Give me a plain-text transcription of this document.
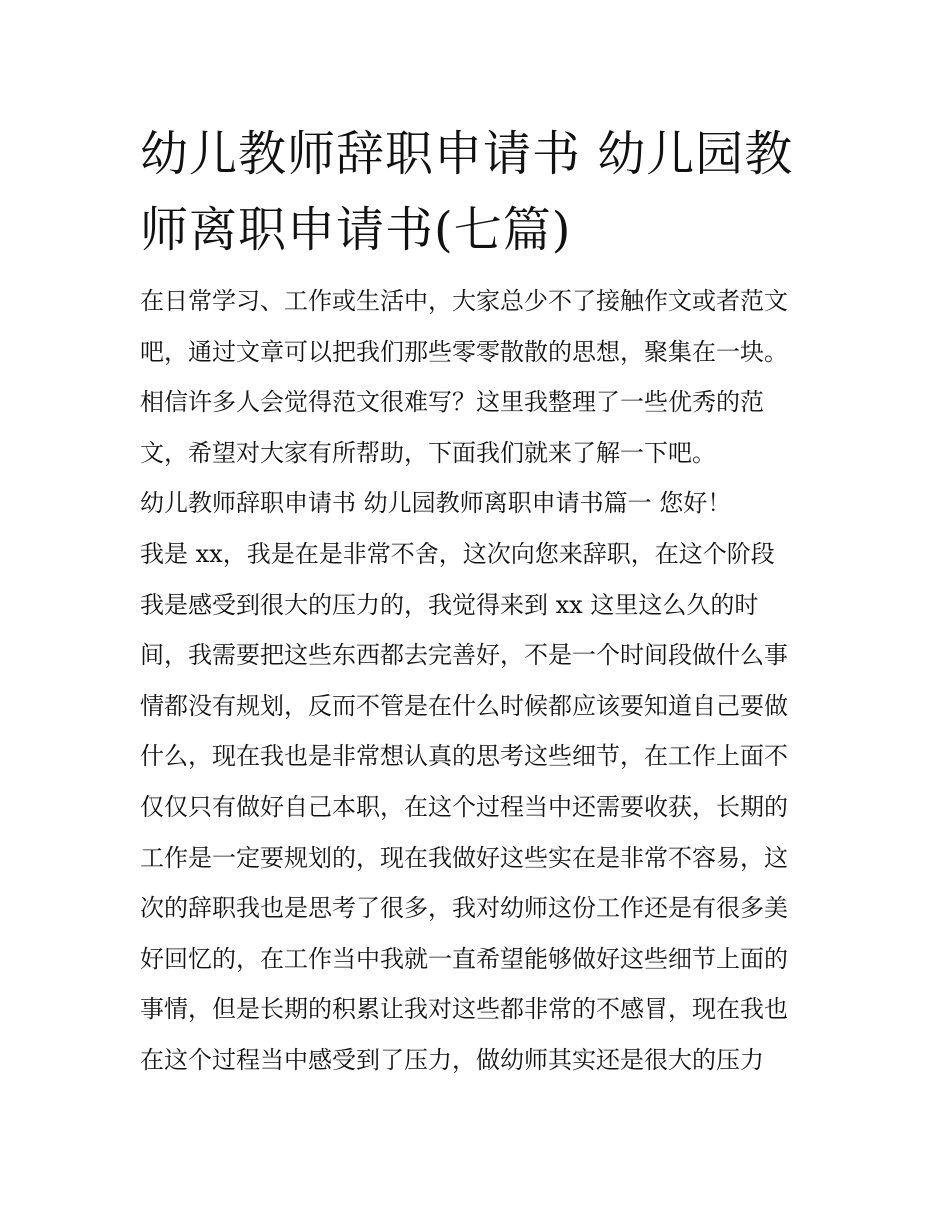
幼儿教师辞职申请书 幼儿园教
师离职申请书(七篇)
在日常学习、工作或生活中，大家总少不了接触作文或者范文
吧，通过文章可以把我们那些零零散散的思想，聚集在一块。
相信许多人会觉得范文很难写？这里我整理了一些优秀的范
文，希望对大家有所帮助，下面我们就来了解一下吧。
幼儿教师辞职申请书 幼儿园教师离职申请书篇一 您好！
我是 xx，我是在是非常不舍，这次向您来辞职，在这个阶段
我是感受到很大的压力的，我觉得来到 xx 这里这么久的时
间，我需要把这些东西都去完善好，不是一个时间段做什么事
情都没有规划，反而不管是在什么时候都应该要知道自己要做
什么，现在我也是非常想认真的思考这些细节，在工作上面不
仅仅只有做好自己本职，在这个过程当中还需要收获，长期的
工作是一定要规划的，现在我做好这些实在是非常不容易，这
次的辞职我也是思考了很多，我对幼师这份工作还是有很多美
好回忆的，在工作当中我就一直希望能够做好这些细节上面的
事情，但是长期的积累让我对这些都非常的不感冒，现在我也
在这个过程当中感受到了压力，做幼师其实还是很大的压力
